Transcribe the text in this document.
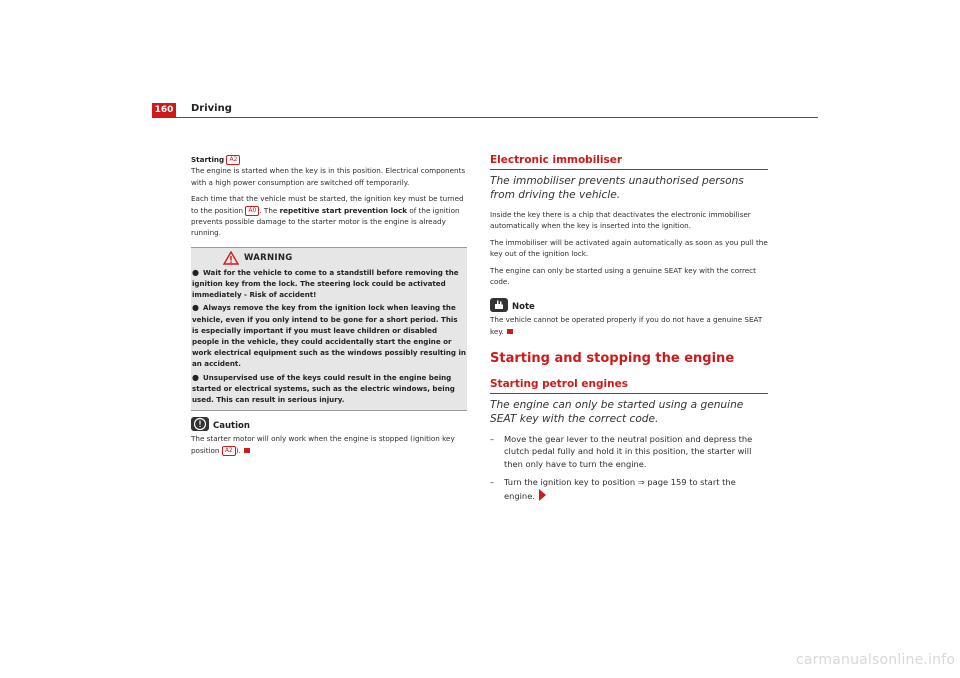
160 Driving

Starting A2
The engine is started when the key is in this position. Electrical components with a high power consumption are switched off temporarily.

Each time that the vehicle must be started, the ignition key must be turned to the position A0 . The repetitive start prevention lock of the ignition prevents possible damage to the starter motor is the engine is already running.

WARNING
● Wait for the vehicle to come to a standstill before removing the ignition key from the lock. The steering lock could be activated immediately - Risk of accident!
● Always remove the key from the ignition lock when leaving the vehicle, even if you only intend to be gone for a short period. This is especially important if you must leave children or disabled people in the vehicle, they could accidentally start the engine or work electrical equipment such as the windows possibly resulting in an accident.
● Unsupervised use of the keys could result in the engine being started or electrical systems, such as the electric windows, being used. This can result in serious injury.
Caution

The starter motor will only work when the engine is stopped (ignition key position A2 ).

Electronic immobiliser
The immobiliser prevents unauthorised persons from driving the vehicle.

Inside the key there is a chip that deactivates the electronic immobiliser automatically when the key is inserted into the ignition.

The immobiliser will be activated again automatically as soon as you pull the key out of the ignition lock.

The engine can only be started using a genuine SEAT key with the correct code.

Note

The vehicle cannot be operated properly if you do not have a genuine SEAT key.

Starting and stopping the engine
Starting petrol engines
The engine can only be started using a genuine SEAT key with the correct code.
– Move the gear lever to the neutral position and depress the clutch pedal fully and hold it in this position, the starter will then only have to turn the engine.
– Turn the ignition key to position ⇒ page 159 to start the engine.
carmanualsonline.info
